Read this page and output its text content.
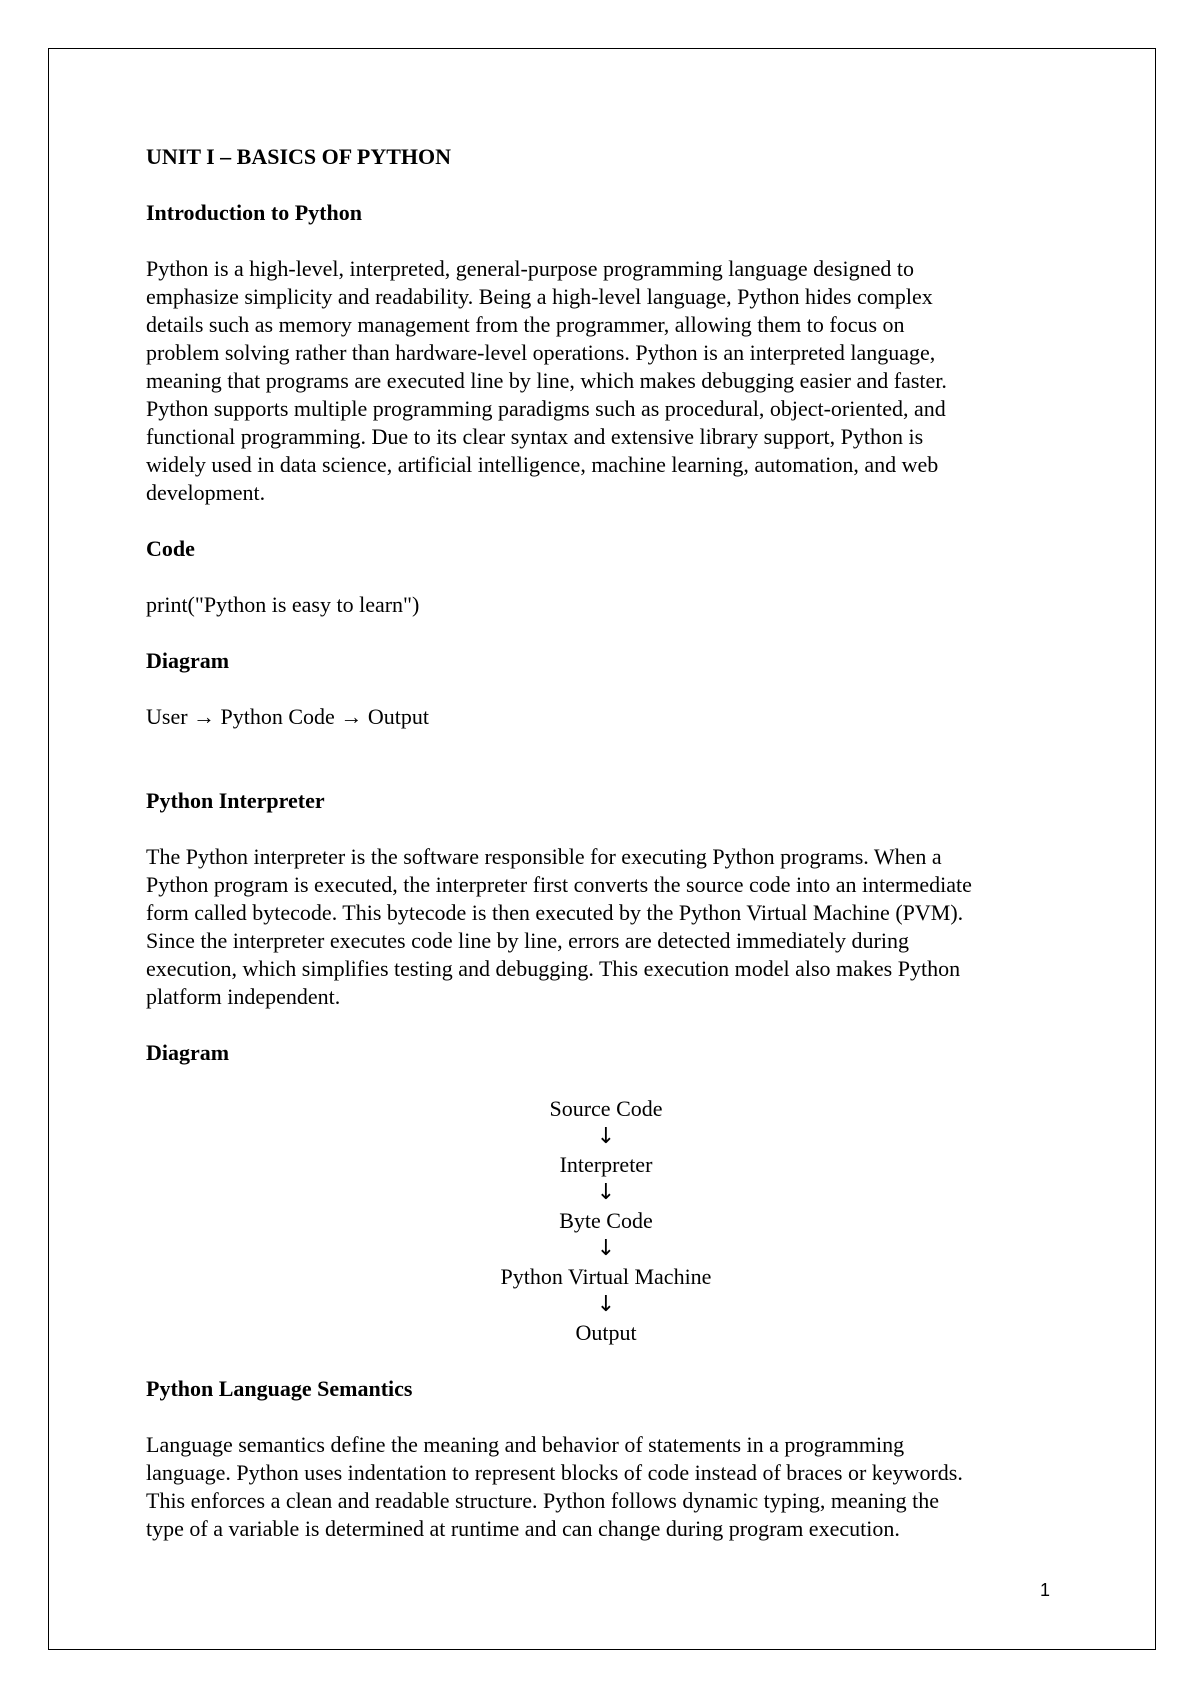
UNIT I – BASICS OF PYTHON

Introduction to Python

Python is a high-level, interpreted, general-purpose programming language designed to
emphasize simplicity and readability. Being a high-level language, Python hides complex
details such as memory management from the programmer, allowing them to focus on
problem solving rather than hardware-level operations. Python is an interpreted language,
meaning that programs are executed line by line, which makes debugging easier and faster.
Python supports multiple programming paradigms such as procedural, object-oriented, and
functional programming. Due to its clear syntax and extensive library support, Python is
widely used in data science, artificial intelligence, machine learning, automation, and web
development.

Code

print("Python is easy to learn")

Diagram

User → Python Code → Output

Python Interpreter

The Python interpreter is the software responsible for executing Python programs. When a
Python program is executed, the interpreter first converts the source code into an intermediate
form called bytecode. This bytecode is then executed by the Python Virtual Machine (PVM).
Since the interpreter executes code line by line, errors are detected immediately during
execution, which simplifies testing and debugging. This execution model also makes Python
platform independent.

Diagram

Source Code
↓
Interpreter
↓
Byte Code
↓
Python Virtual Machine
↓
Output

Python Language Semantics

Language semantics define the meaning and behavior of statements in a programming
language. Python uses indentation to represent blocks of code instead of braces or keywords.
This enforces a clean and readable structure. Python follows dynamic typing, meaning the
type of a variable is determined at runtime and can change during program execution.
1
